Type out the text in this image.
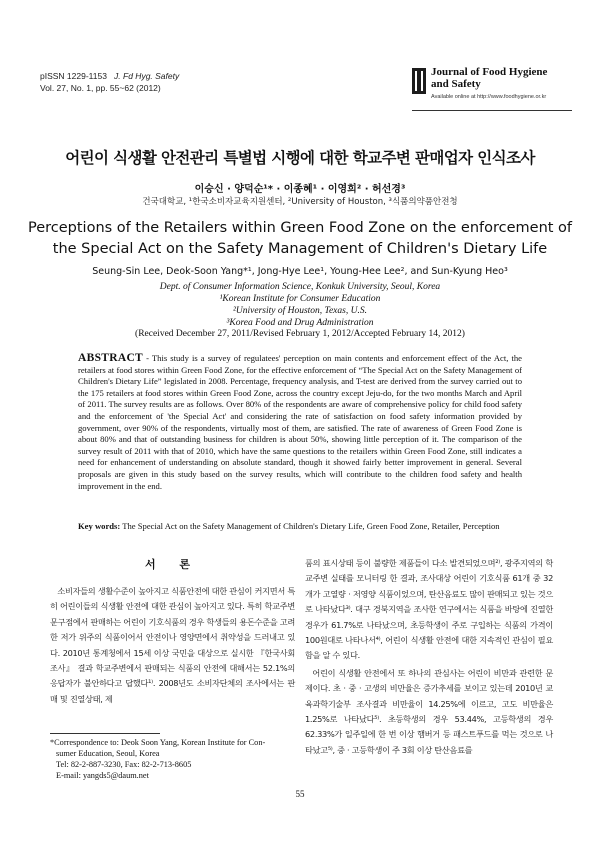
pISSN 1229-1153 J. Fd Hyg. Safety
Vol. 27, No. 1, pp. 55~62 (2012)
Journal of Food Hygiene
and Safety
Available online at http://www.foodhygiene.or.kr
어린이 식생활 안전관리 특별법 시행에 대한 학교주변 판매업자 인식조사
이승신 · 양덕순¹* · 이종혜¹ · 이영희² · 허선경³
건국대학교, ¹한국소비자교육지원센터, ²University of Houston, ³식품의약품안전청
Perceptions of the Retailers within Green Food Zone on the enforcement of
the Special Act on the Safety Management of Children's Dietary Life
Seung-Sin Lee, Deok-Soon Yang*¹, Jong-Hye Lee¹, Young-Hee Lee², and Sun-Kyung Heo³
Dept. of Consumer Information Science, Konkuk University, Seoul, Korea
¹Korean Institute for Consumer Education
²University of Houston, Texas, U.S.
³Korea Food and Drug Administration
(Received December 27, 2011/Revised February 1, 2012/Accepted February 14, 2012)
ABSTRACT - This study is a survey of regulatees' perception on main contents and enforcement effect of the Act, the retailers at food stores within Green Food Zone, for the effective enforcement of “The Special Act on the Safety Management of Children's Dietary Life” legislated in 2008. Percentage, frequency analysis, and T-test are derived from the survey carried out to the 175 retailers at food stores within Green Food Zone, across the country except Jeju-do, for the two months March and April of 2011. The survey results are as follows. Over 80% of the respondents are aware of comprehensive policy for child food safety and the enforcement of 'the Special Act' and considering the rate of satisfaction on food safety information provided by government, over 90% of the respondents, virtually most of them, are satisfied. The rate of awareness of Green Food Zone is about 80% and that of outstanding business for children is about 50%, showing little perception of it. The comparison of the survey result of 2011 with that of 2010, which have the same questions to the retailers within Green Food Zone, still indicates a need for enhancement of understanding on absolute standard, though it showed fairly better improvement in general. Several proposals are given in this study based on the survey results, which will contribute to the children food safety and health improvement in the end.
Key words: The Special Act on the Safety Management of Children's Dietary Life, Green Food Zone, Retailer, Perception
서 론

소비자들의 생활수준이 높아지고 식품안전에 대한 관심이 커지면서 특히 어린이들의 식생활 안전에 대한 관심이 높아지고 있다. 특히 학교주변 문구점에서 판매하는 어린이 기호식품의 경우 학생들의 용돈수준을 고려한 저가 위주의 식품이어서 안전이나 영양면에서 취약성을 드러내고 있다. 2010년 통계청에서 15세 이상 국민을 대상으로 실시한 『한국사회조사』 결과 학교주변에서 판매되는 식품의 안전에 대해서는 52.1%의 응답자가 불안하다고 답했다¹⁾. 2008년도 소비자단체의 조사에서는 판매 및 진열상태, 제

품의 표시상태 등이 불량한 제품들이 다소 발견되었으며²⁾, 광주지역의 학교주변 실태를 모니터링 한 결과, 조사대상 어린이 기호식품 61개 중 32개가 고열량 · 저영양 식품이었으며, 탄산음료도 많이 판매되고 있는 것으로 나타났다³⁾. 대구 경북지역을 조사한 연구에서는 식품을 바탕에 진열한 경우가 61.7%로 나타났으며, 초등학생이 주로 구입하는 식품의 가격이 100원대로 나타나서⁴⁾, 어린이 식생활 안전에 대한 지속적인 관심이 필요함을 알 수 있다.

어린이 식생활 안전에서 또 하나의 관심사는 어린이 비만과 관련한 문제이다. 초 · 중 · 고생의 비만율은 증가추세를 보이고 있는데 2010년 교육과학기술부 조사결과 비만율이 14.25%에 이르고, 고도 비만율은 1.25%로 나타났다⁵⁾. 초등학생의 경우 53.44%, 고등학생의 경우 62.33%가 일주일에 한 번 이상 햄버거 등 패스트푸드를 먹는 것으로 나타났고⁵⁾, 중 · 고등학생이 주 3회 이상 탄산음료를

*Correspondence to: Deok Soon Yang, Korean Institute for Con-
sumer Education, Seoul, Korea
Tel: 82-2-887-3230, Fax: 82-2-713-8605
E-mail: yangds5@daum.net
55
